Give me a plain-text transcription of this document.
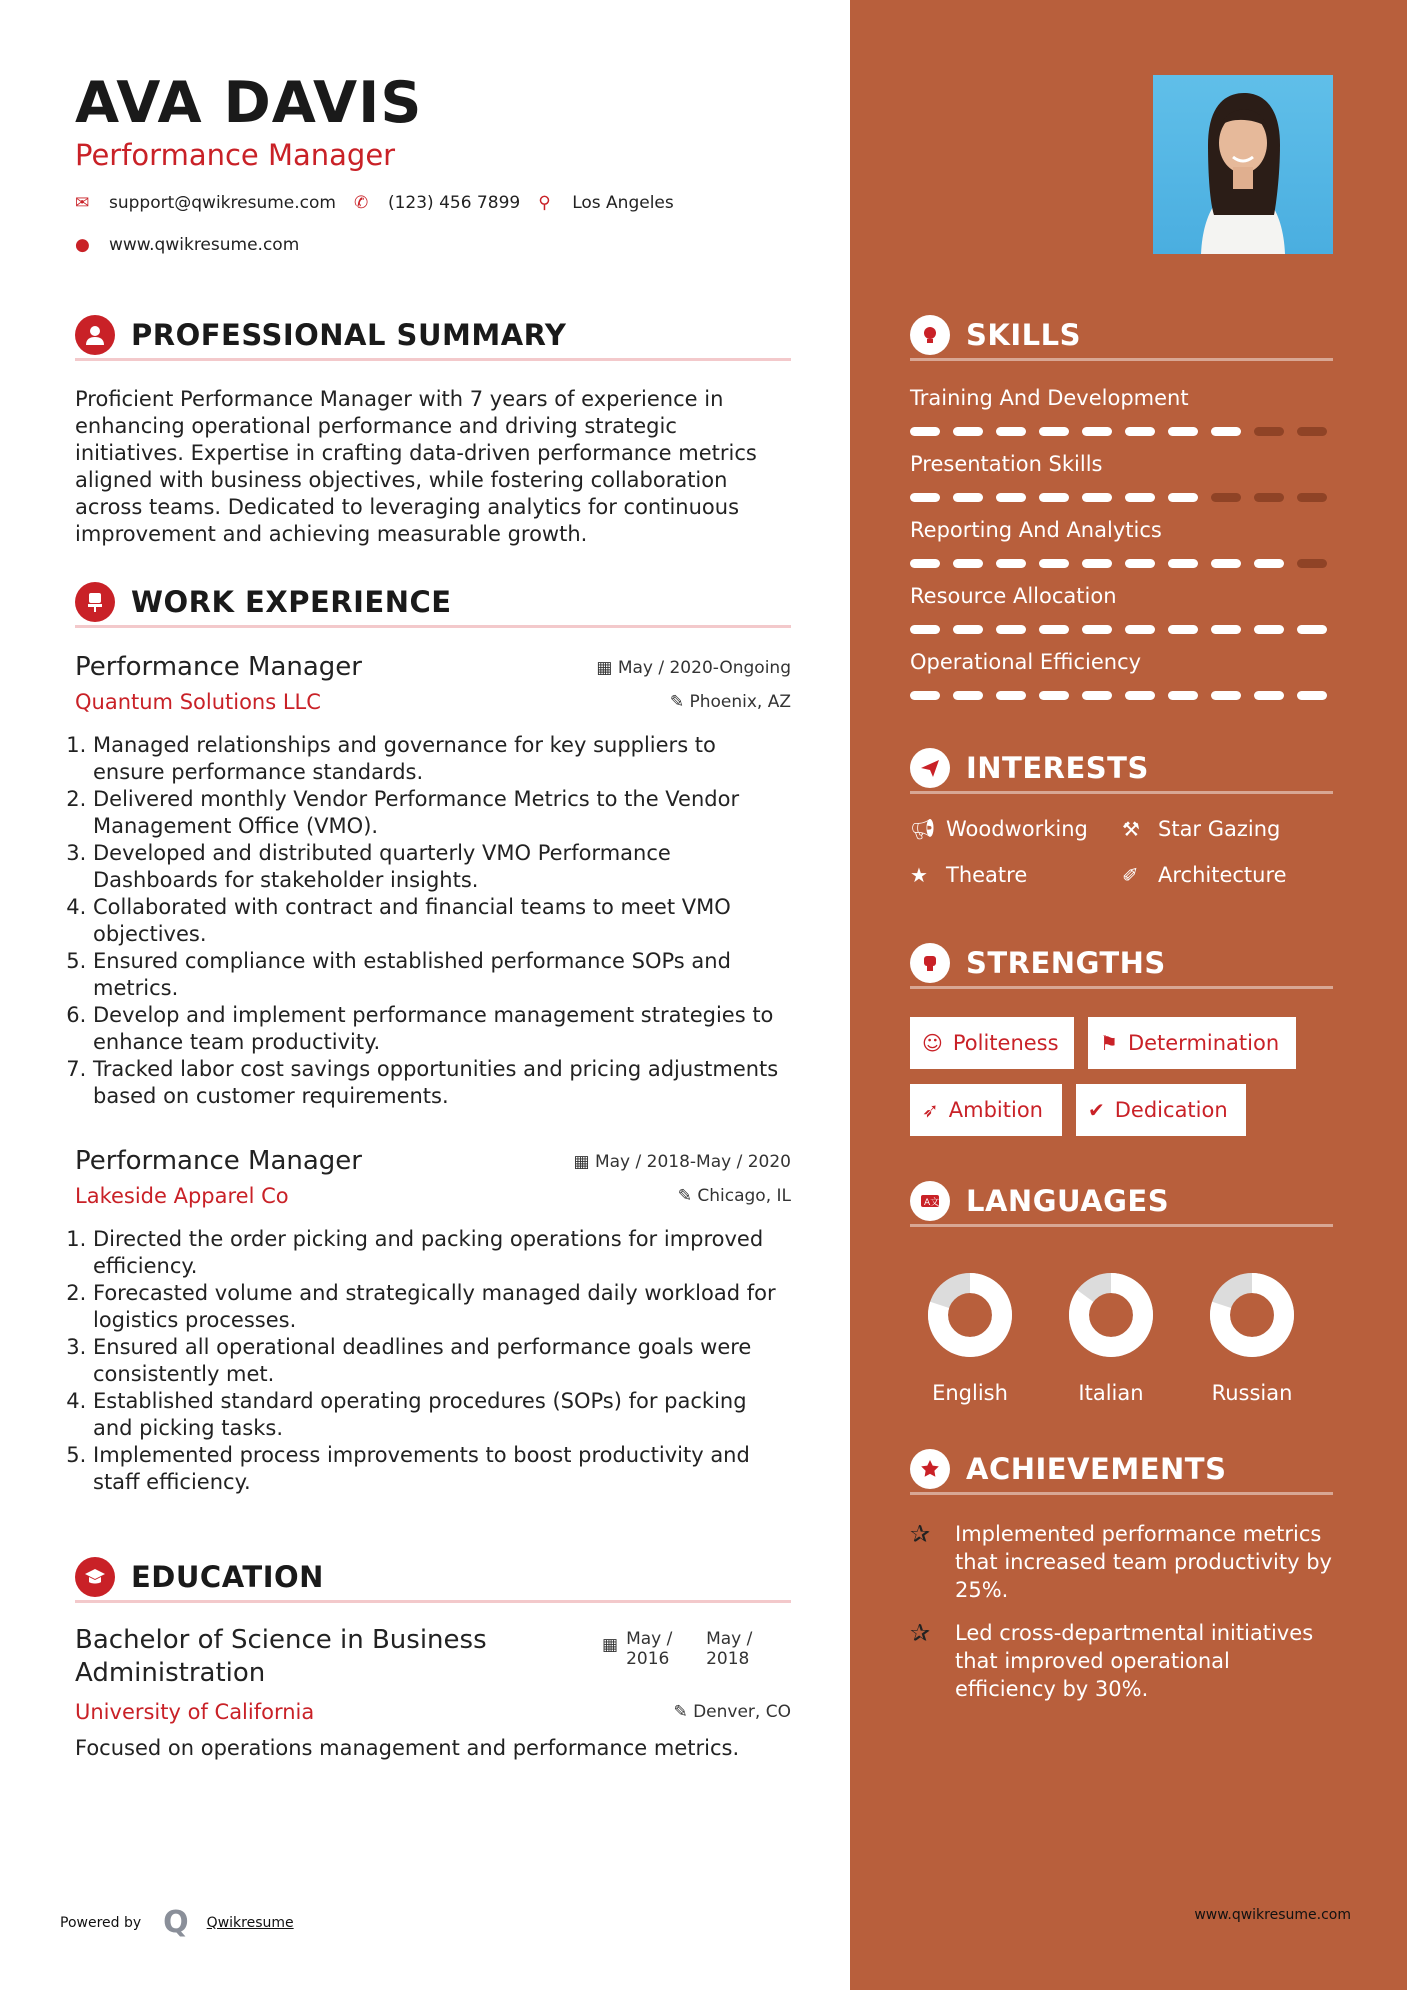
AVA DAVIS
Performance Manager
✉	support@qwikresume.com ✆	(123) 456 7899 ⚲	Los Angeles
●	www.qwikresume.com
PROFESSIONAL SUMMARY
Proficient Performance Manager with 7 years of experience in enhancing operational performance and driving strategic initiatives. Expertise in crafting data-driven performance metrics aligned with business objectives, while fostering collaboration across teams. Dedicated to leveraging analytics for continuous improvement and achieving measurable growth.
WORK EXPERIENCE
Performance Manager
Quantum Solutions LLC
▦ May / 2020-Ongoing
✎ Phoenix, AZ
1. Managed relationships and governance for key suppliers to ensure performance standards.
2. Delivered monthly Vendor Performance Metrics to the Vendor Management Office (VMO).
3. Developed and distributed quarterly VMO Performance Dashboards for stakeholder insights.
4. Collaborated with contract and financial teams to meet VMO objectives.
5. Ensured compliance with established performance SOPs and metrics.
6. Develop and implement performance management strategies to enhance team productivity.
7. Tracked labor cost savings opportunities and pricing adjustments based on customer requirements.
Performance Manager
Lakeside Apparel Co
▦ May / 2018-May / 2020
✎ Chicago, IL
1. Directed the order picking and packing operations for improved efficiency.
2. Forecasted volume and strategically managed daily workload for logistics processes.
3. Ensured all operational deadlines and performance goals were consistently met.
4. Established standard operating procedures (SOPs) for packing and picking tasks.
5. Implemented process improvements to boost productivity and staff efficiency.
EDUCATION
Bachelor of Science in Business Administration
University of California
Focused on operations management and performance metrics.
▦ May / 2016
May / 2018
✎ Denver, CO
Powered by Q Qwikresume
SKILLS
Training And Development
Presentation Skills
Reporting And Analytics
Resource Allocation
Operational Efficiency
INTERESTS
📢︎ Woodworking ⚒ Star Gazing
★ Theatre	✐ Architecture
STRENGTHS
☺ Politeness ⚑ Determination
➶ Ambition ✔ Dedication
A文 LANGUAGES
English	Italian	Russian
ACHIEVEMENTS
✰	Implemented performance metrics that increased team productivity by 25%.
✰	Led cross-departmental initiatives that improved operational efficiency by 30%.
www.qwikresume.com
